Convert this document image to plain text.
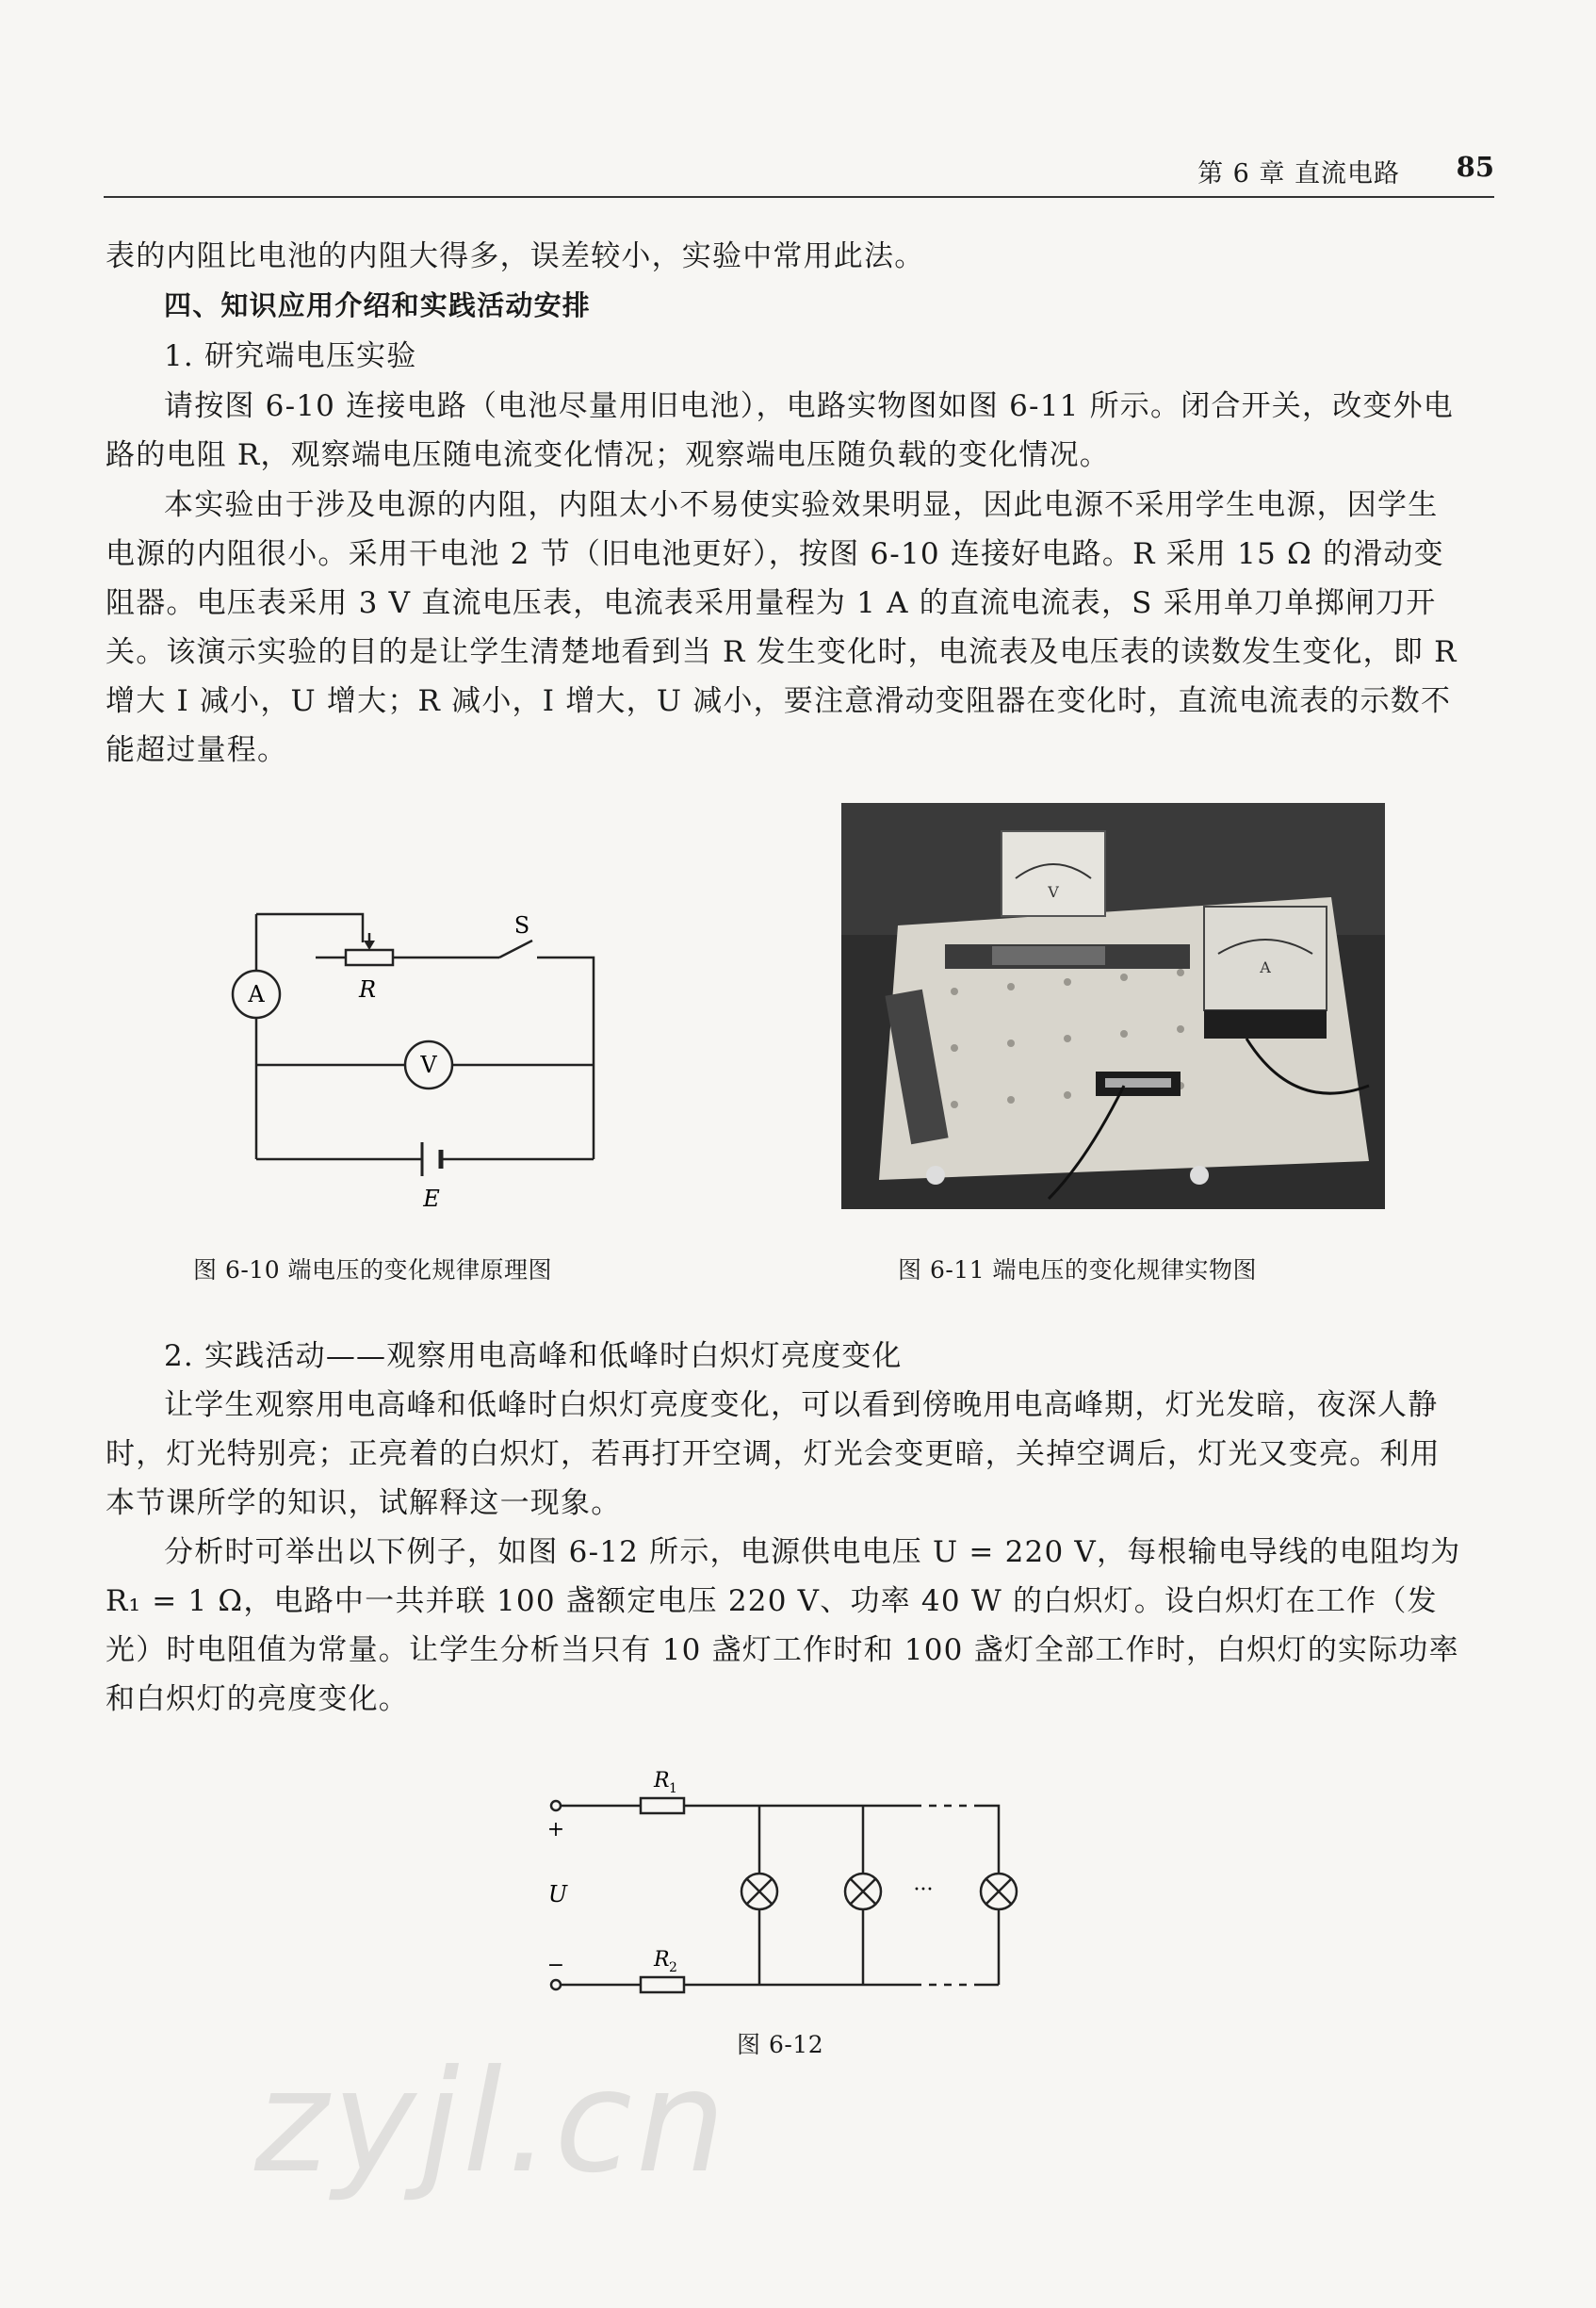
第 6 章 直流电路 85

表的内阻比电池的内阻大得多，误差较小，实验中常用此法。

四、知识应用介绍和实践活动安排

1. 研究端电压实验

请按图 6-10 连接电路（电池尽量用旧电池），电路实物图如图 6-11 所示。闭合开关，改变外电路的电阻 R，观察端电压随电流变化情况；观察端电压随负载的变化情况。

本实验由于涉及电源的内阻，内阻太小不易使实验效果明显，因此电源不采用学生电源，因学生电源的内阻很小。采用干电池 2 节（旧电池更好），按图 6-10 连接好电路。R 采用 15 Ω 的滑动变阻器。电压表采用 3 V 直流电压表，电流表采用量程为 1 A 的直流电流表，S 采用单刀单掷闸刀开关。该演示实验的目的是让学生清楚地看到当 R 发生变化时，电流表及电压表的读数发生变化，即 R 增大 I 减小，U 增大；R 减小，I 增大，U 减小，要注意滑动变阻器在变化时，直流电流表的示数不能超过量程。

A
V
R
S
E
图 6-10 端电压的变化规律原理图
V
A
图 6-11 端电压的变化规律实物图

2. 实践活动——观察用电高峰和低峰时白炽灯亮度变化

让学生观察用电高峰和低峰时白炽灯亮度变化，可以看到傍晚用电高峰期，灯光发暗，夜深人静时，灯光特别亮；正亮着的白炽灯，若再打开空调，灯光会变更暗，关掉空调后，灯光又变亮。利用本节课所学的知识，试解释这一现象。

分析时可举出以下例子，如图 6-12 所示，电源供电电压 U = 220 V，每根输电导线的电阻均为 R₁ = 1 Ω，电路中一共并联 100 盏额定电压 220 V、功率 40 W 的白炽灯。设白炽灯在工作（发光）时电阻值为常量。让学生分析当只有 10 盏灯工作时和 100 盏灯全部工作时，白炽灯的实际功率和白炽灯的亮度变化。

+
−
U
R 1
R 2
···
图 6-12
zyjl.cn
